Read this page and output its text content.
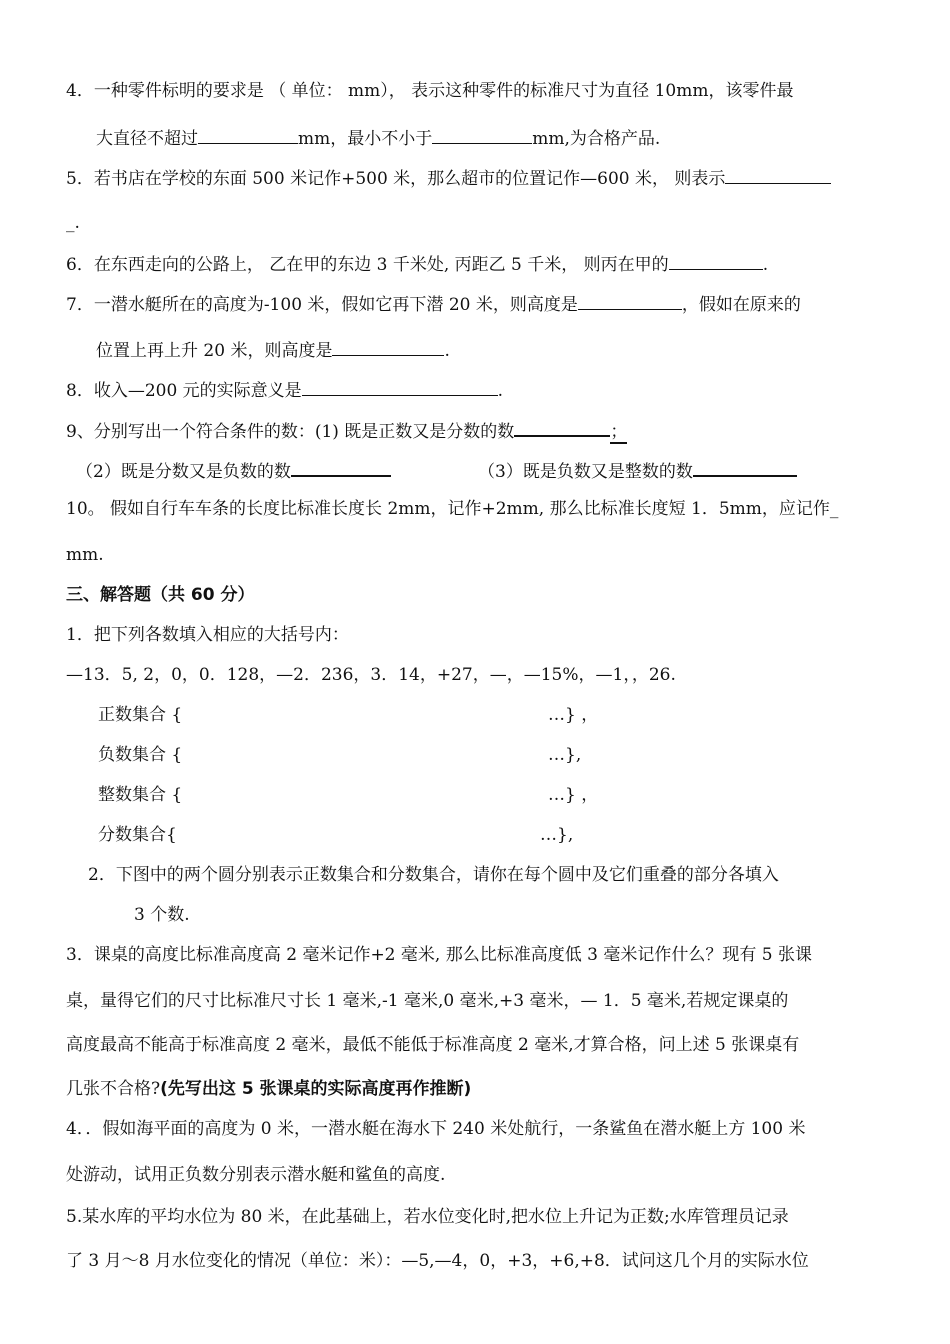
4．一种零件标明的要求是 （ 单位： mm）， 表示这种零件的标准尺寸为直径 10mm，该零件最
大直径不超过	mm，最小不小于	mm,为合格产品.
5．若书店在学校的东面 500 米记作+500 米，那么超市的位置记作—600 米， 则表示
_.
6．在东西走向的公路上， 乙在甲的东边 3 千米处, 丙距乙 5 千米， 则丙在甲的	.
7．一潜水艇所在的高度为-100 米，假如它再下潜 20 米，则高度是	，假如在原来的
位置上再上升 20 米，则高度是	.
8．收入—200 元的实际意义是	.
9、分别写出一个符合条件的数：(1) 既是正数又是分数的数	；
（2）既是分数又是负数的数	（3）既是负数又是整数的数
10。 假如自行车车条的长度比标准长度长 2mm，记作+2mm, 那么比标准长度短 1．5mm，应记作_
mm.
三、解答题（共 60 分）
1．把下列各数填入相应的大括号内：
—13．5, 2，0，0．128，—2．236，3．14，+27，—，—15%，—1，，26.
正数集合 {	…} ，
负数集合 {	…},
整数集合 {	…} ，
分数集合{	…},
2．下图中的两个圆分别表示正数集合和分数集合，请你在每个圆中及它们重叠的部分各填入
3 个数.
3．课桌的高度比标准高度高 2 毫米记作+2 毫米, 那么比标准高度低 3 毫米记作什么？现有 5 张课
桌，量得它们的尺寸比标准尺寸长 1 毫米,-1 毫米,0 毫米,+3 毫米，— 1．5 毫米,若规定课桌的
高度最高不能高于标准高度 2 毫米，最低不能低于标准高度 2 毫米,才算合格，问上述 5 张课桌有
几张不合格?(先写出这 5 张课桌的实际高度再作推断)
4．．假如海平面的高度为 0 米，一潜水艇在海水下 240 米处航行，一条鲨鱼在潜水艇上方 100 米
处游动，试用正负数分别表示潜水艇和鲨鱼的高度.
5.某水库的平均水位为 80 米，在此基础上，若水位变化时,把水位上升记为正数;水库管理员记录
了 3 月～8 月水位变化的情况（单位：米）：—5,—4，0，+3，+6,+8．试问这几个月的实际水位
